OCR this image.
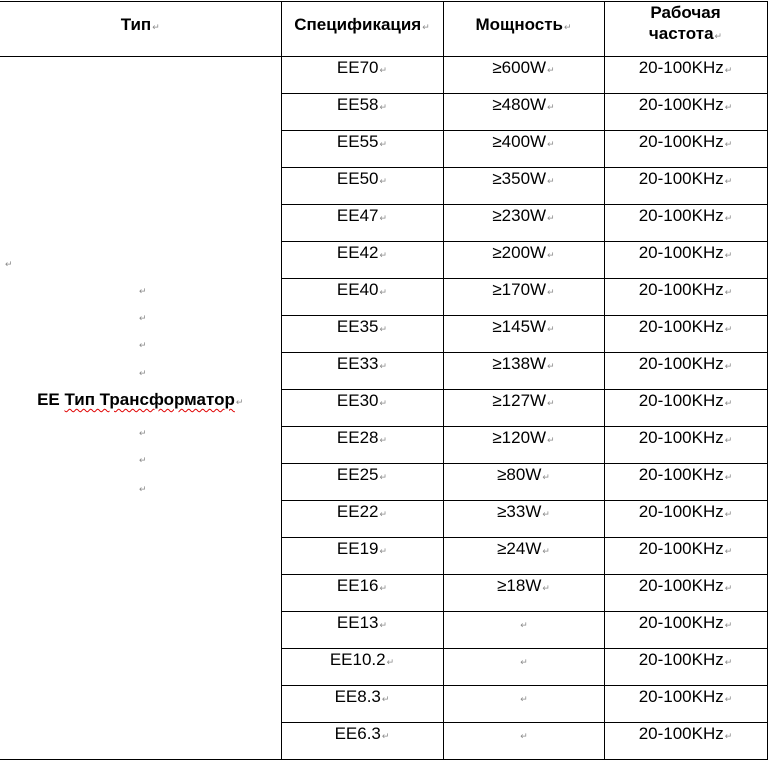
Тип↵	Спецификация↵	Мощность↵	Рабочая
частота↵

↵
↵
↵
↵
↵
↵
↵
↵
EE Тип Трансформатор↵
	EE70↵	≥600W↵	20-100KHz↵
	EE58↵	≥480W↵	20-100KHz↵
	EE55↵	≥400W↵	20-100KHz↵
	EE50↵	≥350W↵	20-100KHz↵
	EE47↵	≥230W↵	20-100KHz↵
	EE42↵	≥200W↵	20-100KHz↵
	EE40↵	≥170W↵	20-100KHz↵
	EE35↵	≥145W↵	20-100KHz↵
	EE33↵	≥138W↵	20-100KHz↵
	EE30↵	≥127W↵	20-100KHz↵
	EE28↵	≥120W↵	20-100KHz↵
	EE25↵	≥80W↵	20-100KHz↵
	EE22↵	≥33W↵	20-100KHz↵
	EE19↵	≥24W↵	20-100KHz↵
	EE16↵	≥18W↵	20-100KHz↵
	EE13↵	↵	20-100KHz↵
	EE10.2↵	↵	20-100KHz↵
	EE8.3↵	↵	20-100KHz↵
	EE6.3↵	↵	20-100KHz↵
